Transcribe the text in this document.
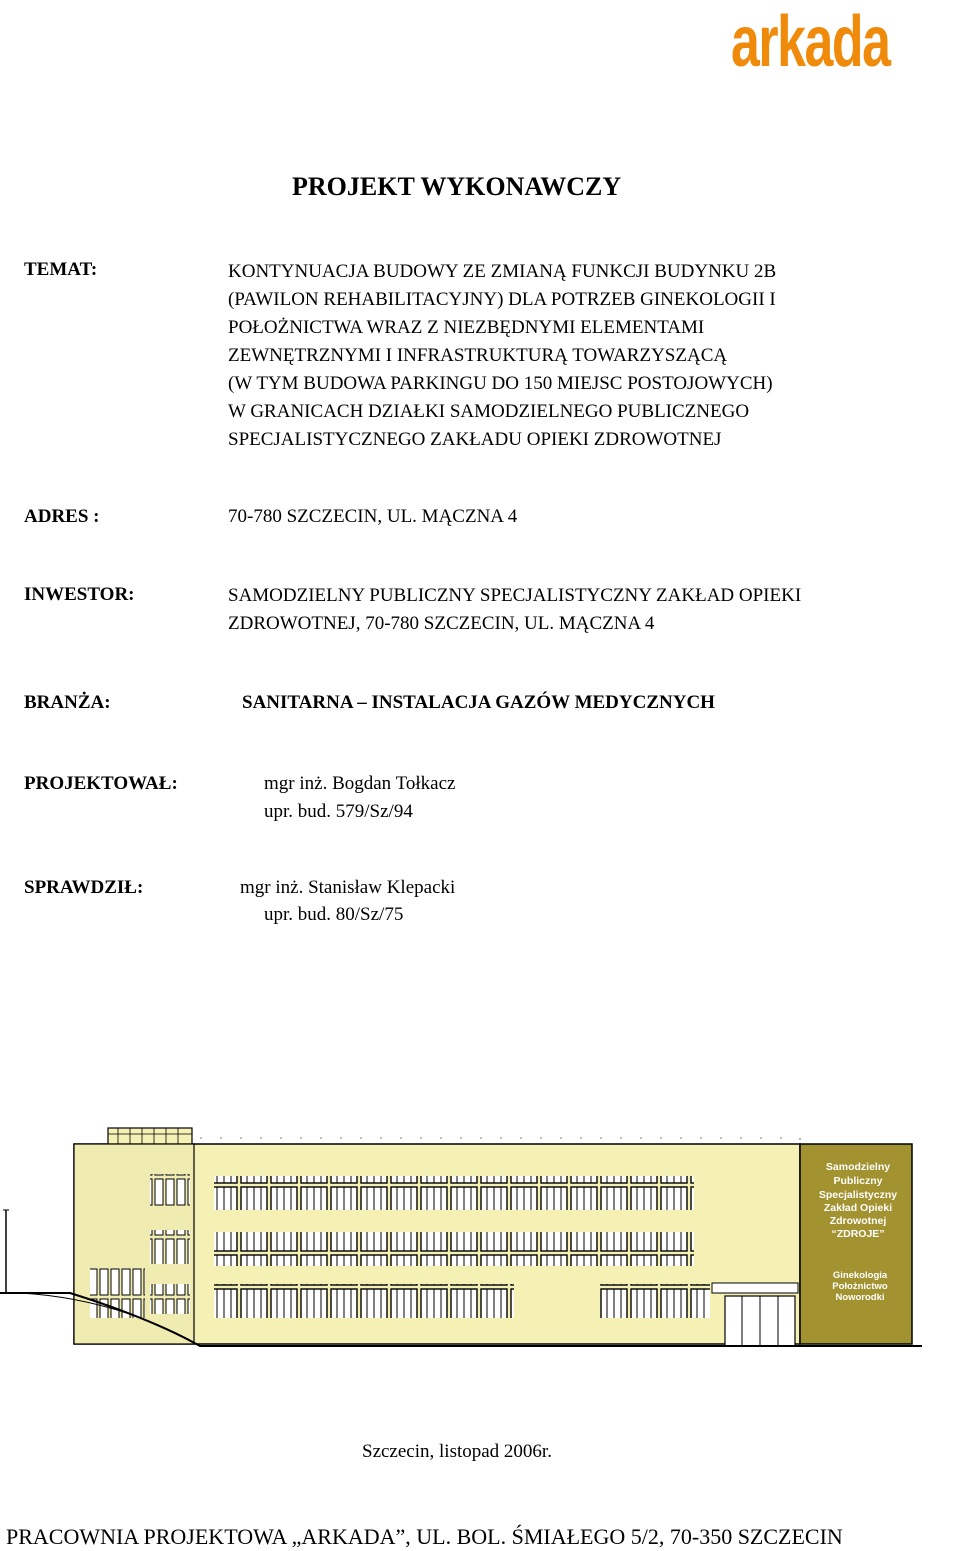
arkada
PROJEKT WYKONAWCZY
TEMAT:	KONTYNUACJA BUDOWY ZE ZMIANĄ FUNKCJI BUDYNKU 2B
(PAWILON REHABILITACYJNY) DLA POTRZEB GINEKOLOGII I
POŁOŻNICTWA WRAZ Z NIEZBĘDNYMI ELEMENTAMI
ZEWNĘTRZNYMI I INFRASTRUKTURĄ TOWARZYSZĄCĄ
(W TYM BUDOWA PARKINGU DO 150 MIEJSC POSTOJOWYCH)
W GRANICACH DZIAŁKI SAMODZIELNEGO PUBLICZNEGO
SPECJALISTYCZNEGO ZAKŁADU OPIEKI ZDROWOTNEJ
ADRES :	70-780 SZCZECIN, UL. MĄCZNA 4
INWESTOR:	SAMODZIELNY PUBLICZNY SPECJALISTYCZNY ZAKŁAD OPIEKI
ZDROWOTNEJ, 70-780 SZCZECIN, UL. MĄCZNA 4
BRANŻA:	SANITARNA – INSTALACJA GAZÓW MEDYCZNYCH
PROJEKTOWAŁ:	mgr inż. Bogdan Tołkacz
upr. bud. 579/Sz/94
SPRAWDZIŁ:	mgr inż. Stanisław Klepacki
upr. bud. 80/Sz/75
Samodzielny
Publiczny
Specjalistyczny
Zakład Opieki
Zdrowotnej
“ZDROJE”
Ginekologia
Położnictwo
Noworodki
Szczecin, listopad 2006r.
PRACOWNIA PROJEKTOWA „ARKADA”, UL. BOL. ŚMIAŁEGO 5/2, 70-350 SZCZECIN
